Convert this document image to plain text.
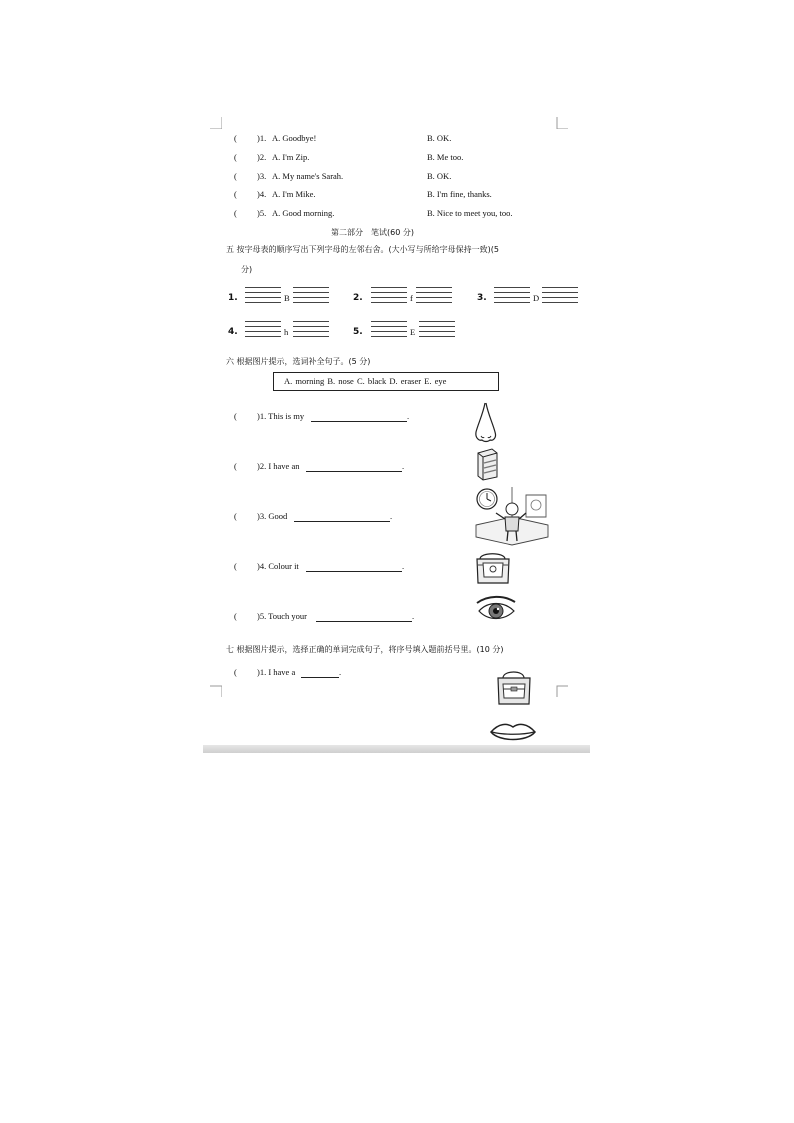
( )1. A. Goodbye!	B. OK.
( )2. A. I'm Zip.	B. Me too.
( )3. A. My name's Sarah.	B. OK.
( )4. A. I'm Mike.	B. I'm fine, thanks.
( )5. A. Good morning.	B. Nice to meet you, too.
第二部分　笔试(60 分)
五 按字母表的顺序写出下列字母的左邻右舍。(大小写与所给字母保持一致)(5
分)
1.	B	2.	f	3.	D
4.	h	5.	E
六 根据图片提示，选词补全句子。(5 分)
A. morning B. nose C. black D. eraser E. eye
( )1. This is my	.
( )2. I have an	.
( )3. Good	.
( )4. Colour it	.
( )5. Touch your	.
七 根据图片提示，选择正确的单词完成句子，将序号填入题前括号里。(10 分)
( )1. I have a	.
